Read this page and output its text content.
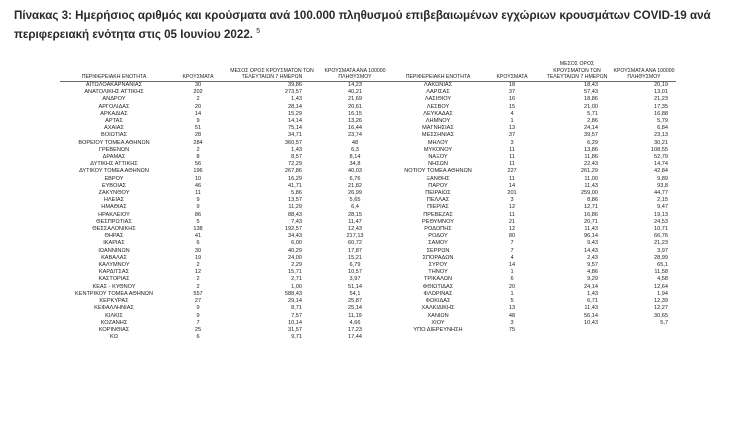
Πίνακας 3: Ημερήσιος αριθμός και κρούσματα ανά 100.000 πληθυσμού επιβεβαιωμένων εγχώριων κρουσμάτων COVID-19 ανά περιφερειακή ενότητα στις 05 Ιουνίου 2022. $^5$
ΠΕΡΙΦΕΡΕΙΑΚΗ ΕΝΟΤΗΤΑ	ΚΡΟΥΣΜΑΤΑ	ΜΕΣΟΣ ΟΡΟΣ ΚΡΟΥΣΜΑΤΩΝ ΤΩΝ ΤΕΛΕΥΤΑΙΩΝ 7 ΗΜΕΡΩΝ	ΚΡΟΥΣΜΑΤΑ ΑΝΑ 100000 ΠΛΗΘΥΣΜΟΥ	ΠΕΡΙΦΕΡΕΙΑΚΗ ΕΝΟΤΗΤΑ	ΚΡΟΥΣΜΑΤΑ	ΜΕΣΟΣ ΟΡΟΣ ΚΡΟΥΣΜΑΤΩΝ ΤΩΝ ΤΕΛΕΥΤΑΙΩΝ 7 ΗΜΕΡΩΝ	ΚΡΟΥΣΜΑΤΑ ΑΝΑ 100000 ΠΛΗΘΥΣΜΟΥ
ΑΙΤΩΛΟΑΚΑΡΝΑΝΙΑΣ	30	39,86	14,23	ΛΑΚΩΝΙΑΣ	18	18,43	20,19
ΑΝΑΤΟΛΙΚΗΣ ΑΤΤΙΚΗΣ	202	273,57	40,21	ΛΑΡΙΣΑΣ	37	57,43	13,01
ΑΝΔΡΟΥ	2	1,43	21,69	ΛΑΣΙΘΙΟΥ	16	18,86	21,23
ΑΡΓΟΛΙΔΑΣ	20	28,14	20,61	ΛΕΣΒΟΥ	15	21,00	17,35
ΑΡΚΑΔΙΑΣ	14	15,29	16,15	ΛΕΥΚΑΔΑΣ	4	5,71	16,88
ΑΡΤΑΣ	9	14,14	13,26	ΛΗΜΝΟΥ	1	2,86	5,79
ΑΧΑΪΑΣ	51	75,14	16,44	ΜΑΓΝΗΣΙΑΣ	13	24,14	6,84
ΒΟΙΩΤΙΑΣ	28	34,71	23,74	ΜΕΣΣΗΝΙΑΣ	37	39,57	23,13
ΒΟΡΕΙΟΥ ΤΟΜΕΑ ΑΘΗΝΩΝ	284	360,57	48	ΜΗΛΟΥ	3	6,29	30,21
ΓΡΕΒΕΝΩΝ	2	1,43	6,3	ΜΥΚΟΝΟΥ	11	13,86	108,55
ΔΡΑΜΑΣ	8	8,57	8,14	ΝΑΞΟΥ	11	11,86	52,79
ΔΥΤΙΚΗΣ ΑΤΤΙΚΗΣ	56	72,29	34,8	ΝΗΣΩΝ	11	22,43	14,74
ΔΥΤΙΚΟΥ ΤΟΜΕΑ ΑΘΗΝΩΝ	196	267,86	40,03	ΝΟΤΙΟΥ ΤΟΜΕΑ ΑΘΗΝΩΝ	227	261,29	42,84
ΕΒΡΟΥ	10	16,29	6,76	ΞΑΝΘΗΣ	11	11,00	9,89
ΕΥΒΟΙΑΣ	46	41,71	21,82	ΠΑΡΟΥ	14	11,43	93,8
ΖΑΚΥΝΘΟΥ	11	5,86	26,99	ΠΕΙΡΑΙΩΣ	201	259,00	44,77
ΗΛΕΙΑΣ	9	13,57	5,65	ΠΕΛΛΑΣ	3	8,86	2,15
ΗΜΑΘΙΑΣ	9	11,29	6,4	ΠΙΕΡΙΑΣ	12	12,71	9,47
ΗΡΑΚΛΕΙΟΥ	86	88,43	28,15	ΠΡΕΒΕΖΑΣ	11	16,86	19,13
ΘΕΣΠΡΩΤΙΑΣ	5	7,43	11,47	ΡΕΘΥΜΝΟΥ	21	20,71	24,53
ΘΕΣΣΑΛΟΝΙΚΗΣ	138	192,57	12,43	ΡΟΔΟΠΗΣ	12	11,43	10,71
ΘΗΡΑΣ	41	34,43	217,13	ΡΟΔΟΥ	80	96,14	66,76
ΙΚΑΡΙΑΣ	6	6,00	60,72	ΣΑΜΟΥ	7	9,43	21,23
ΙΩΑΝΝΙΝΩΝ	30	40,29	17,87	ΣΕΡΡΩΝ	7	14,43	3,97
ΚΑΒΑΛΑΣ	19	24,00	15,21	ΣΠΟΡΑΔΩΝ	4	2,43	28,99
ΚΑΛΥΜΝΟΥ	2	2,29	6,79	ΣΥΡΟΥ	14	9,57	65,1
ΚΑΡΔΙΤΣΑΣ	12	15,71	10,57	ΤΗΝΟΥ	1	4,86	11,58
ΚΑΣΤΟΡΙΑΣ	2	2,71	3,97	ΤΡΙΚΑΛΩΝ	6	9,29	4,58
ΚΕΑΣ - ΚΥΘΝΟΥ	2	1,00	51,14	ΦΘΙΩΤΙΔΑΣ	20	24,14	12,64
ΚΕΝΤΡΙΚΟΥ ΤΟΜΕΑ ΑΘΗΝΩΝ	557	588,43	54,1	ΦΛΩΡΙΝΑΣ	1	1,43	1,94
ΚΕΡΚΥΡΑΣ	27	29,14	25,87	ΦΩΚΙΔΑΣ	5	6,71	12,39
ΚΕΦΑΛΛΗΝΙΑΣ	9	8,71	25,14	ΧΑΛΚΙΔΙΚΗΣ	13	11,43	12,27
ΚΙΛΚΙΣ	9	7,57	11,19	ΧΑΝΙΩΝ	48	56,14	30,65
ΚΟΖΑΝΗΣ	7	10,14	4,66	ΧΙΟΥ	3	10,43	5,7
ΚΟΡΙΝΘΙΑΣ	25	31,57	17,23	ΥΠΟ ΔΙΕΡΕΥΝΗΣΗ	75		
ΚΩ	6	9,71	17,44				
